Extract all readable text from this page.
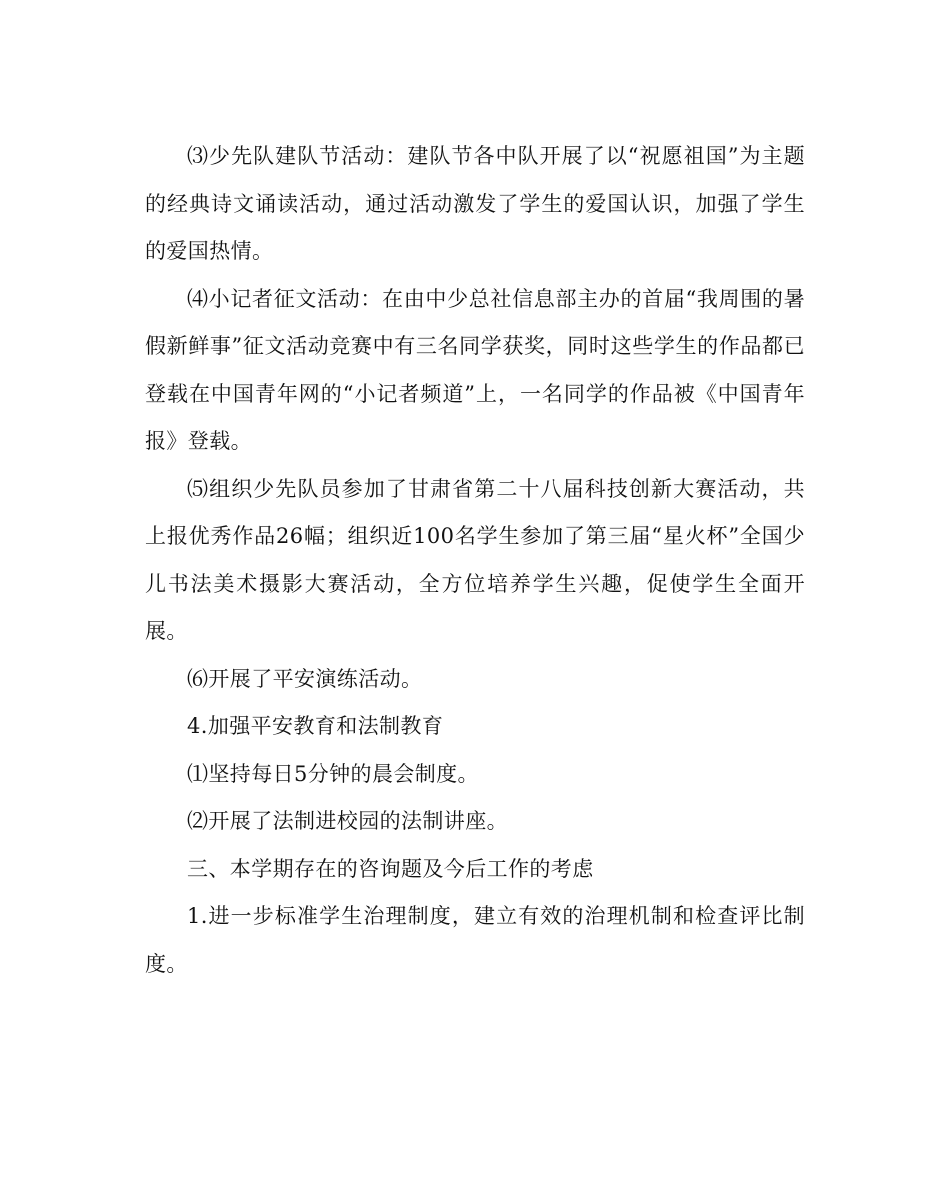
⑶少先队建队节活动：建队节各中队开展了以“祝愿祖国”为主题的经典诗文诵读活动，通过活动激发了学生的爱国认识，加强了学生的爱国热情。

⑷小记者征文活动：在由中少总社信息部主办的首届“我周围的暑假新鲜事”征文活动竞赛中有三名同学获奖，同时这些学生的作品都已登载在中国青年网的“小记者频道”上，一名同学的作品被《中国青年报》登载。

⑸组织少先队员参加了甘肃省第二十八届科技创新大赛活动，共上报优秀作品26幅；组织近100名学生参加了第三届“星火杯”全国少儿书法美术摄影大赛活动，全方位培养学生兴趣，促使学生全面开展。

⑹开展了平安演练活动。

4.加强平安教育和法制教育

⑴坚持每日5分钟的晨会制度。

⑵开展了法制进校园的法制讲座。

三、本学期存在的咨询题及今后工作的考虑

1.进一步标准学生治理制度，建立有效的治理机制和检查评比制度。
